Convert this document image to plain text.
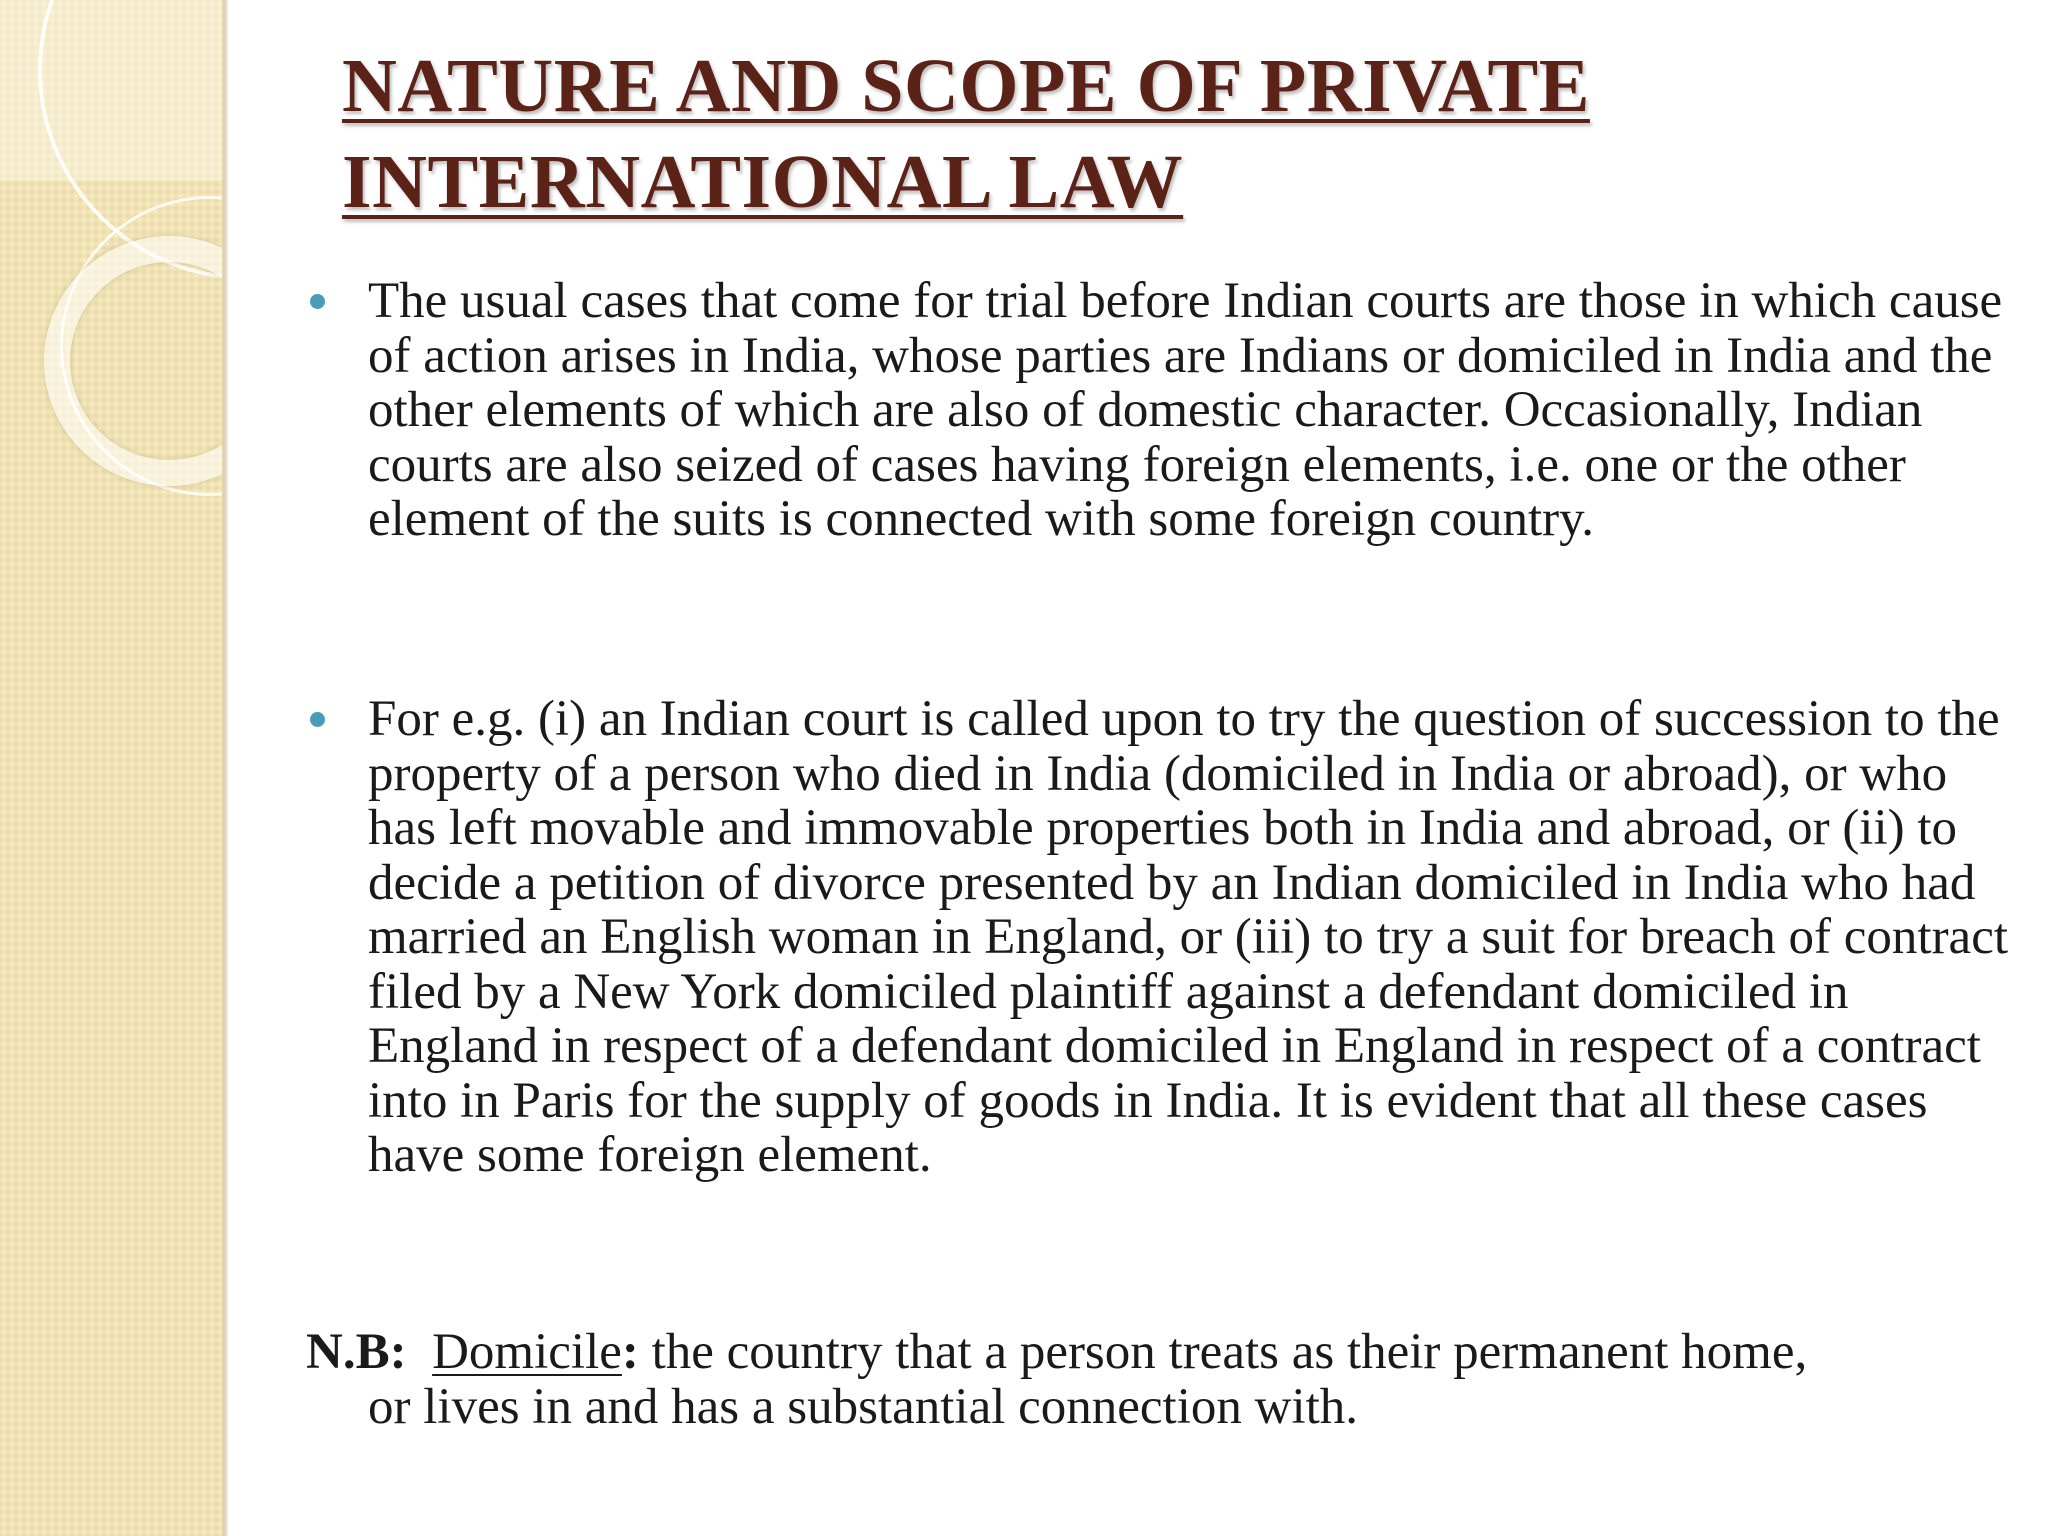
NATURE AND SCOPE OF PRIVATE
INTERNATIONAL LAW

The usual cases that come for trial before Indian courts are those in which cause of action arises in India, whose parties are Indians or domiciled in India and the other elements of which are also of domestic character. Occasionally, Indian courts are also seized of cases having foreign elements, i.e. one or the other element of the suits is connected with some foreign country.

For e.g. (i) an Indian court is called upon to try the question of succession to the property of a person who died in India (domiciled in India or abroad), or who has left movable and immovable properties both in India and abroad, or (ii) to decide a petition of divorce presented by an Indian domiciled in India who had married an English woman in England, or (iii) to try a suit for breach of contract filed by a New York domiciled plaintiff against a defendant domiciled in England in respect of a defendant domiciled in England in respect of a contract into in Paris for the supply of goods in India. It is evident that all these cases have some foreign element.

N.B: Domicile: the country that a person treats as their permanent home,
or lives in and has a substantial connection with.
